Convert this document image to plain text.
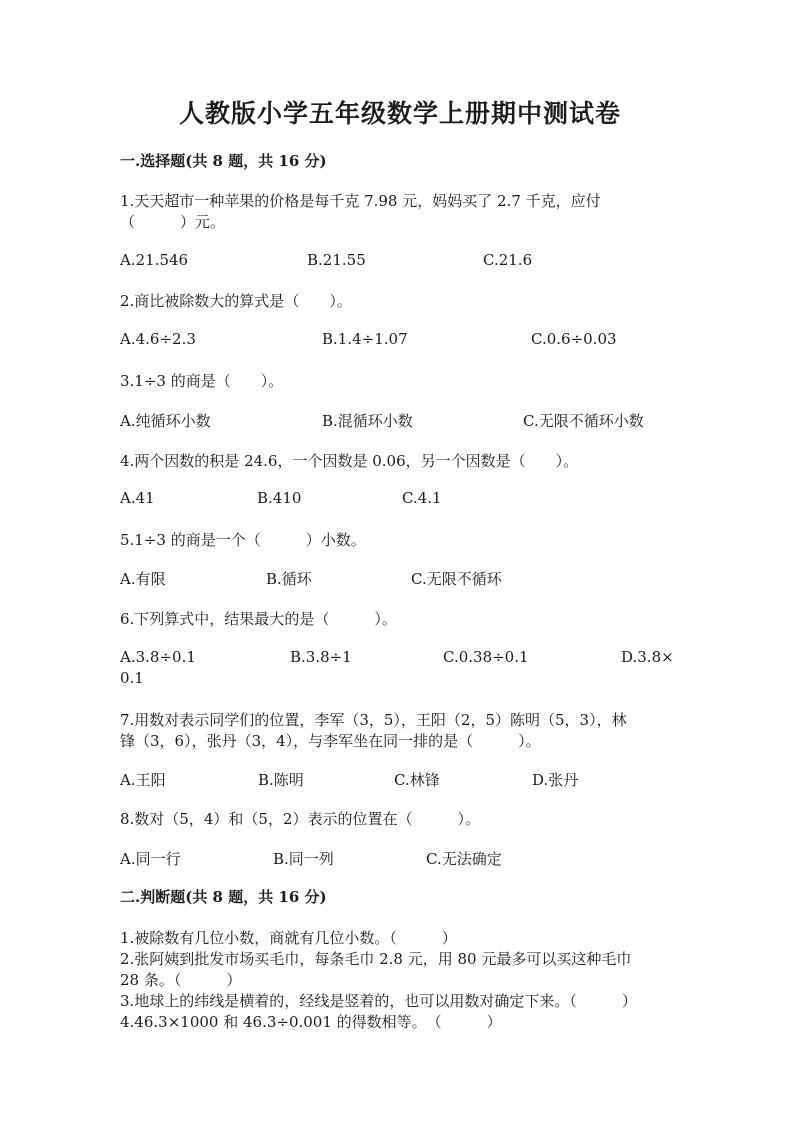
人教版小学五年级数学上册期中测试卷
一.选择题(共 8 题，共 16 分)
1.天天超市一种苹果的价格是每千克 7.98 元，妈妈买了 2.7 千克，应付
（　　　）元。
A.21.546	B.21.55	C.21.6
2.商比被除数大的算式是（　　）。
A.4.6÷2.3	B.1.4÷1.07	C.0.6÷0.03
3.1÷3 的商是（　　）。
A.纯循环小数	B.混循环小数	C.无限不循环小数
4.两个因数的积是 24.6，一个因数是 0.06，另一个因数是（　　）。
A.41	B.410	C.4.1
5.1÷3 的商是一个（　　　）小数。
A.有限	B.循环	C.无限不循环
6.下列算式中，结果最大的是（　　　）。
A.3.8÷0.1	B.3.8÷1	C.0.38÷0.1	D.3.8×
0.1
7.用数对表示同学们的位置，李军（3，5），王阳（2，5）陈明（5，3），林
锋（3，6），张丹（3，4），与李军坐在同一排的是（　　　）。
A.王阳	B.陈明	C.林锋	D.张丹
8.数对（5，4）和（5，2）表示的位置在（　　　）。
A.同一行	B.同一列	C.无法确定
二.判断题(共 8 题，共 16 分)
1.被除数有几位小数，商就有几位小数。（　　　）
2.张阿姨到批发市场买毛巾，每条毛巾 2.8 元，用 80 元最多可以买这种毛巾
28 条。（　　　）
3.地球上的纬线是横着的，经线是竖着的，也可以用数对确定下来。（　　　）
4.46.3×1000 和 46.3÷0.001 的得数相等。　（　　　）
